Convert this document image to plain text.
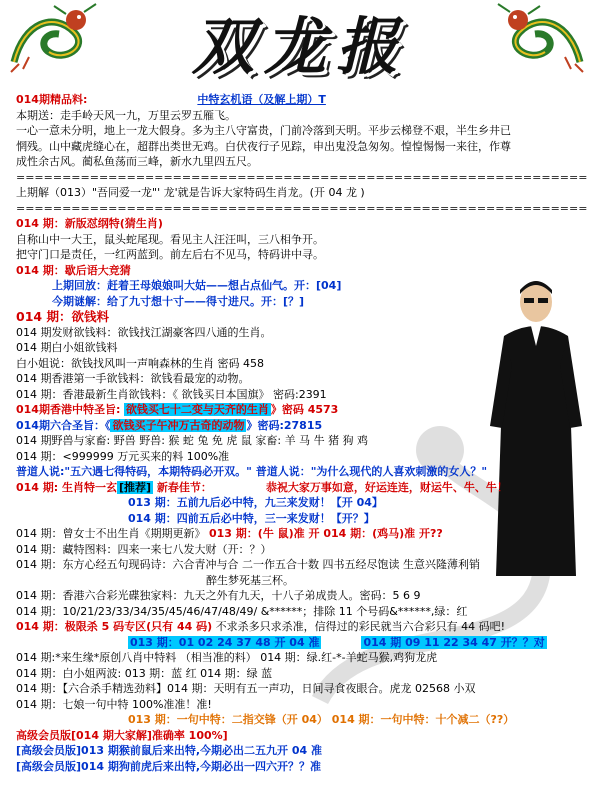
双龙报
014期精品料:	中特玄机语（及解上期）T
本期送：走手岭天风一九，万里云罗五雁飞。
一心一意未分明，地上一龙大假身。多为主八守富贵，门前冷落到天明。平步云梯登不艰，半生乡井已
惘残。山中藏虎缝心在，超群出类世无鸡。白伏夜行子见踪，申出鬼没急匆匆。惶惶惕惕一来往，作尊
成性余古风。蔺私鱼荡而三峰，新水九里四五尺。
==============================================================
上期解（013）"吾同爱一龙"' 龙'就是告诉大家特码生肖龙。(开 04 龙 )
==============================================================
014 期：新版怼纲特(猜生肖)
自称山中一大王，鼠头蛇尾现。看见主人汪汪叫，三八相争开。
把守门口是责任，一红两蓝到。前左后右不见马，特码讲中寻。
014 期：歇后语大竞猜
上期回放：赶着王母娘娘叫大姑——想占点仙气。开：[04]
今期谜解：给了九寸想十寸——得寸进尺。开：[？]
014 期：欲钱料
014 期发财欲钱料：欲钱找江湖豪客四八通的生肖。
014 期白小姐欲钱料
白小姐说：欲钱找风叫一声响森林的生肖 密码 458
014 期香港第一手欲钱料：欲钱看最宠的动物。
014 期：香港最新生肖欲钱料：《 欲钱买日本国旗》 密码:2391
014期香港中特圣旨: 欲钱买七十二变与天齐的生肖 》密码 4573
014期六合圣旨：《 欲钱买子午冲万古奇的动物 》密码:27815
014 期野兽与家畜: 野兽 野兽: 猴 蛇 兔 免 虎 鼠 家畜: 羊 马 牛 猪 狗 鸡
014 期：<999999 万元买来的料 100%准
普道人说:"五六遇七得特码，本期特码必开双。" 普道人说："为什么现代的人喜欢刺激的女人？"
014 期: 生肖特一玄 [推荐] 新春佳节：	恭祝大家万事如意，好运连连，财运牛、牛、牛！
013 期：五前九后必中特，九三来发财！【开 04】
014 期：四前五后必中特，三一来发财！【开？】
014 期：曾女士不出生肖《期期更新》 013 期：(牛 鼠)准 开 014 期：(鸡马)准 开??
014 期：藏特图料：四来一来七八发大财（开：？）
014 期：东方心经五句现码诗：六合青冲与合 二一作五合十数 四书五经尽饱读 生意兴隆薄利销
醉生梦死基三杯。
014 期：香港六合彩光碟独家料：九天之外有九天，十八子弟成贵人。密码：5 6 9
014 期：10/21/23/33/34/35/45/46/47/48/49/ &******；排除 11 个号码&******,绿：红
014 期：极限杀 5 码专区(只有 44 码) 不求杀多只求杀准，信得过的彩民就当六合彩只有 44 码吧!
013 期：01 02 24 37 48 开 04 准	014 期 09 11 22 34 47 开？？对
014 期:*来生缘*原创八肖中特料 （相当准的料） 014 期：绿.红-*-羊蛇马猴,鸡狗龙虎
014 期：白小姐两波: 013 期：蓝 红 014 期：绿 蓝
014 期：【六合杀手精选劲料】014 期：天明有五一声功，日间寻食夜眼合。虎龙 02568 小双
014 期：七娘一句中特 100%准准！准!
013 期：一句中特：二指交锋（开 04） 014 期：一句中特：十个减二（??）
高级会员版[014 期大家解]准确率 100%]
[高级会员版]013 期猴前鼠后来出特,今期必出二五九开 04 准
[高级会员版]014 期狗前虎后来出特,今期必出一四六开？？准
